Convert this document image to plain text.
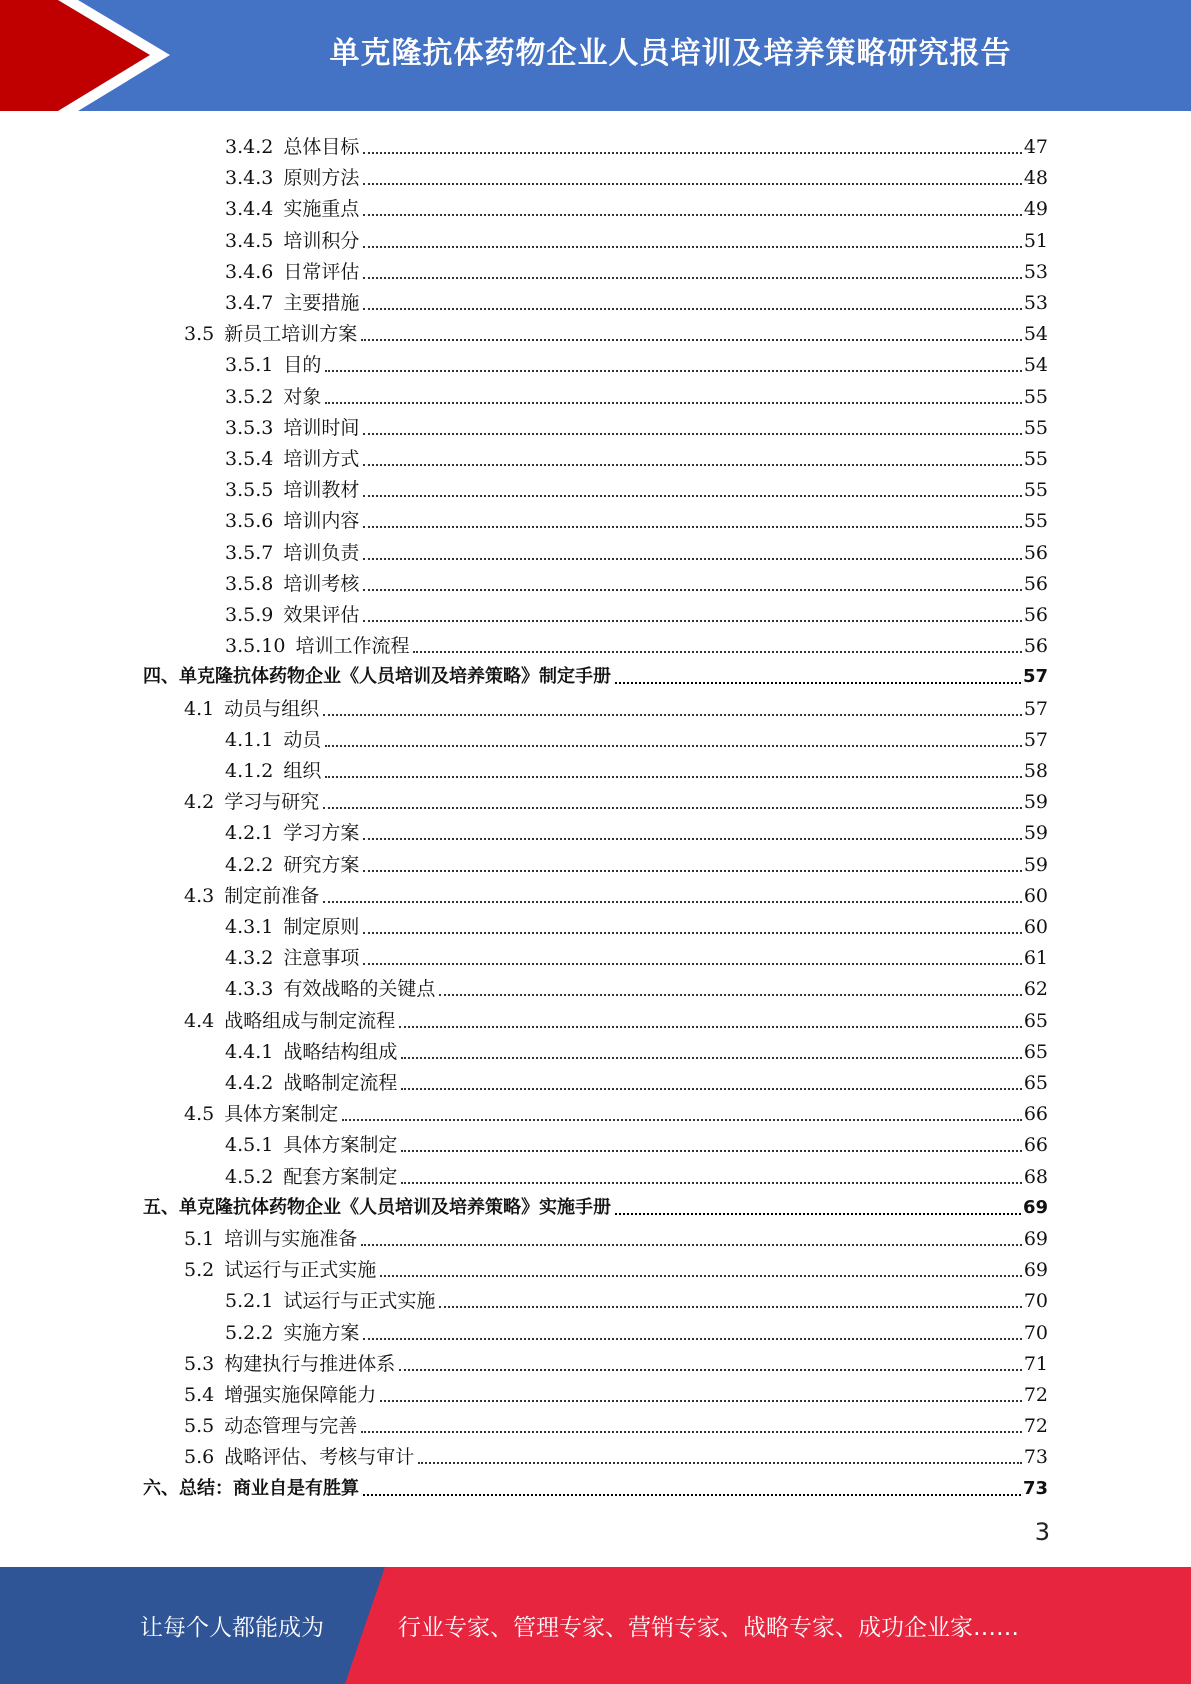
单克隆抗体药物企业人员培训及培养策略研究报告
3.4.2 总体目标	47
3.4.3 原则方法	48
3.4.4 实施重点	49
3.4.5 培训积分	51
3.4.6 日常评估	53
3.4.7 主要措施	53
3.5 新员工培训方案	54
3.5.1 目的	54
3.5.2 对象	55
3.5.3 培训时间	55
3.5.4 培训方式	55
3.5.5 培训教材	55
3.5.6 培训内容	55
3.5.7 培训负责	56
3.5.8 培训考核	56
3.5.9 效果评估	56
3.5.10 培训工作流程	56
四、 单克隆抗体药物企业《人员培训及培养策略》制定手册	57
4.1 动员与组织	57
4.1.1 动员	57
4.1.2 组织	58
4.2 学习与研究	59
4.2.1 学习方案	59
4.2.2 研究方案	59
4.3 制定前准备	60
4.3.1 制定原则	60
4.3.2 注意事项	61
4.3.3 有效战略的关键点	62
4.4 战略组成与制定流程	65
4.4.1 战略结构组成	65
4.4.2 战略制定流程	65
4.5 具体方案制定	66
4.5.1 具体方案制定	66
4.5.2 配套方案制定	68
五、 单克隆抗体药物企业《人员培训及培养策略》实施手册	69
5.1 培训与实施准备	69
5.2 试运行与正式实施	69
5.2.1 试运行与正式实施	70
5.2.2 实施方案	70
5.3 构建执行与推进体系	71
5.4 增强实施保障能力	72
5.5 动态管理与完善	72
5.6 战略评估、考核与审计	73
六、 总结：商业自是有胜算	73
3
让每个人都能成为	行业专家、管理专家、营销专家、战略专家、成功企业家……
